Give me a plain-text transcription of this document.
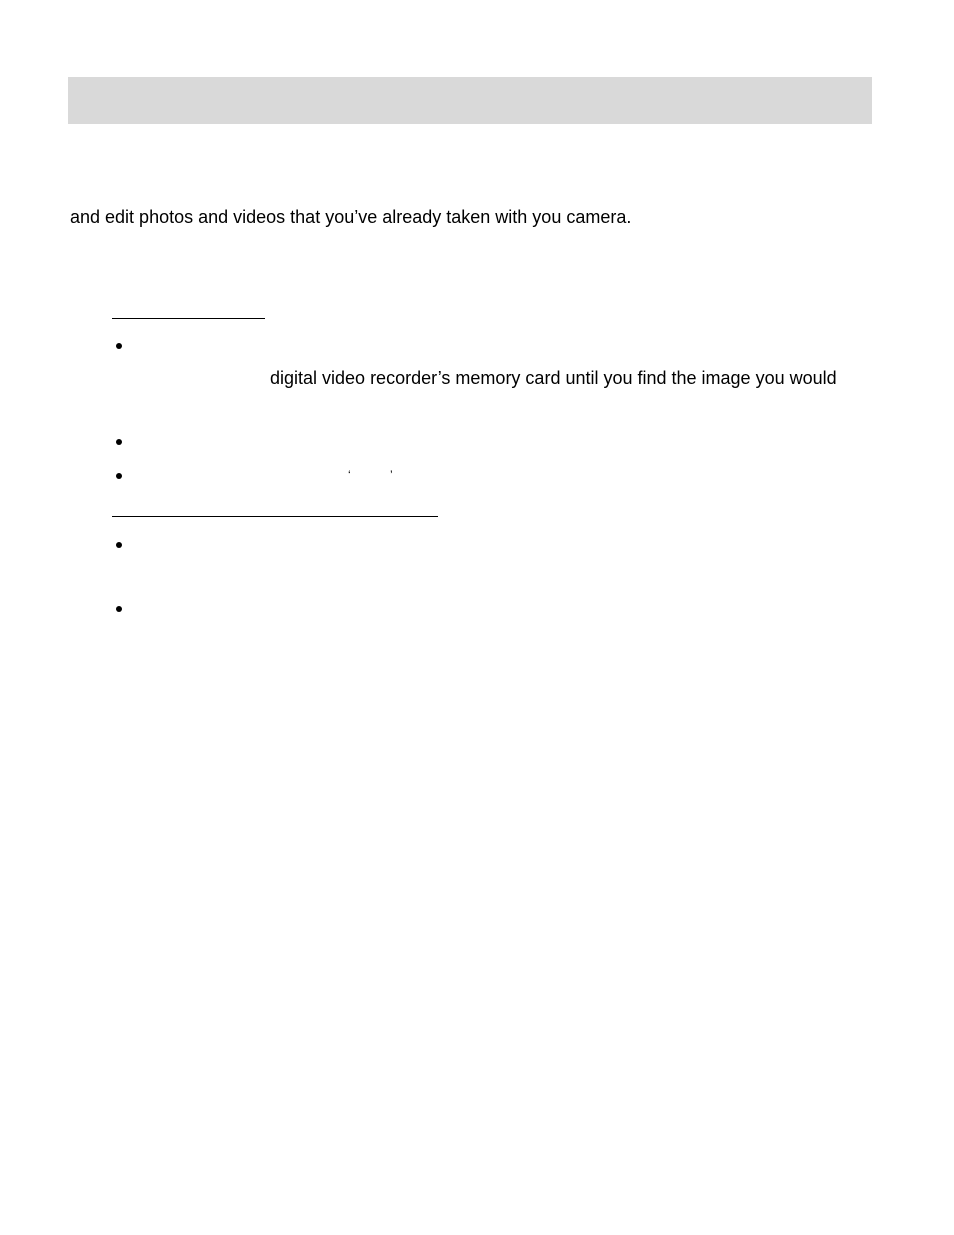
and edit photos and videos that you’ve already taken with you camera.
digital video recorder’s memory card until you find the image you would
‘	’
